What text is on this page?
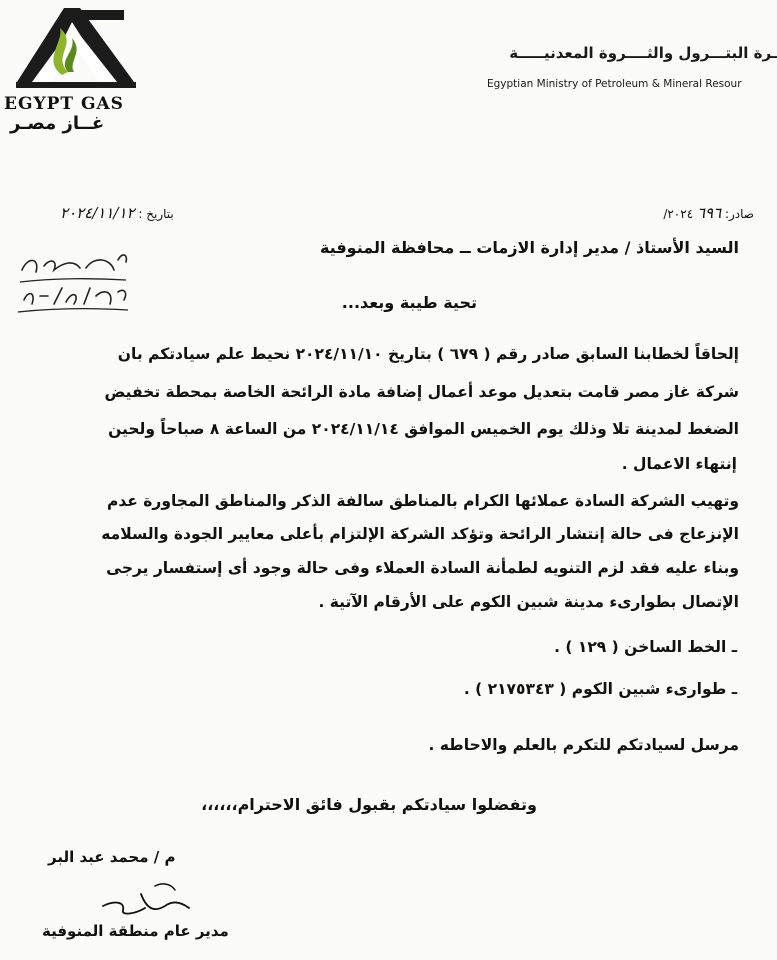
EGYPT GAS
غــاز مصـر
ـرة البتـــرول والثــــروة المعدنيـــــة
Egyptian Ministry of Petroleum & Mineral Resour
بتاريخ : ٢٠٢٤/١١/١٢	صادر: ٦٩٦ ٢٠٢٤/
السيد الأستاذ / مدير إدارة الازمات ــ محافظة المنوفية
تحية طيبة وبعد...
إلحاقاً لخطابنا السابق صادر رقم ( ٦٧٩ ) بتاريخ ٢٠٢٤/١١/١٠ نحيط علم سيادتكم بان
شركة غاز مصر قامت بتعديل موعد أعمال إضافة مادة الرائحة الخاصة بمحطة تخفيض
الضغط لمدينة تلا وذلك يوم الخميس الموافق ٢٠٢٤/١١/١٤ من الساعة ٨ صباحاً ولحين
إنتهاء الاعمال .
وتهيب الشركة السادة عملائها الكرام بالمناطق سالفة الذكر والمناطق المجاورة عدم
الإنزعاج فى حالة إنتشار الرائحة وتؤكد الشركة الإلتزام بأعلى معايير الجودة والسلامه
وبناء عليه فقد لزم التنويه لطمأنة السادة العملاء وفى حالة وجود أى إستفسار يرجى
الإتصال بطوارىء مدينة شبين الكوم على الأرقام الآتية .
ـ الخط الساخن ( ١٢٩ ) .
ـ طوارىء شبين الكوم ( ٢١٧٥٣٤٣ ) .
مرسل لسيادتكم للتكرم بالعلم والاحاطه .
وتفضلوا سيادتكم بقبول فائق الاحترام،،،،،،
م / محمد عبد البر
مدير عام منطقة المنوفية
